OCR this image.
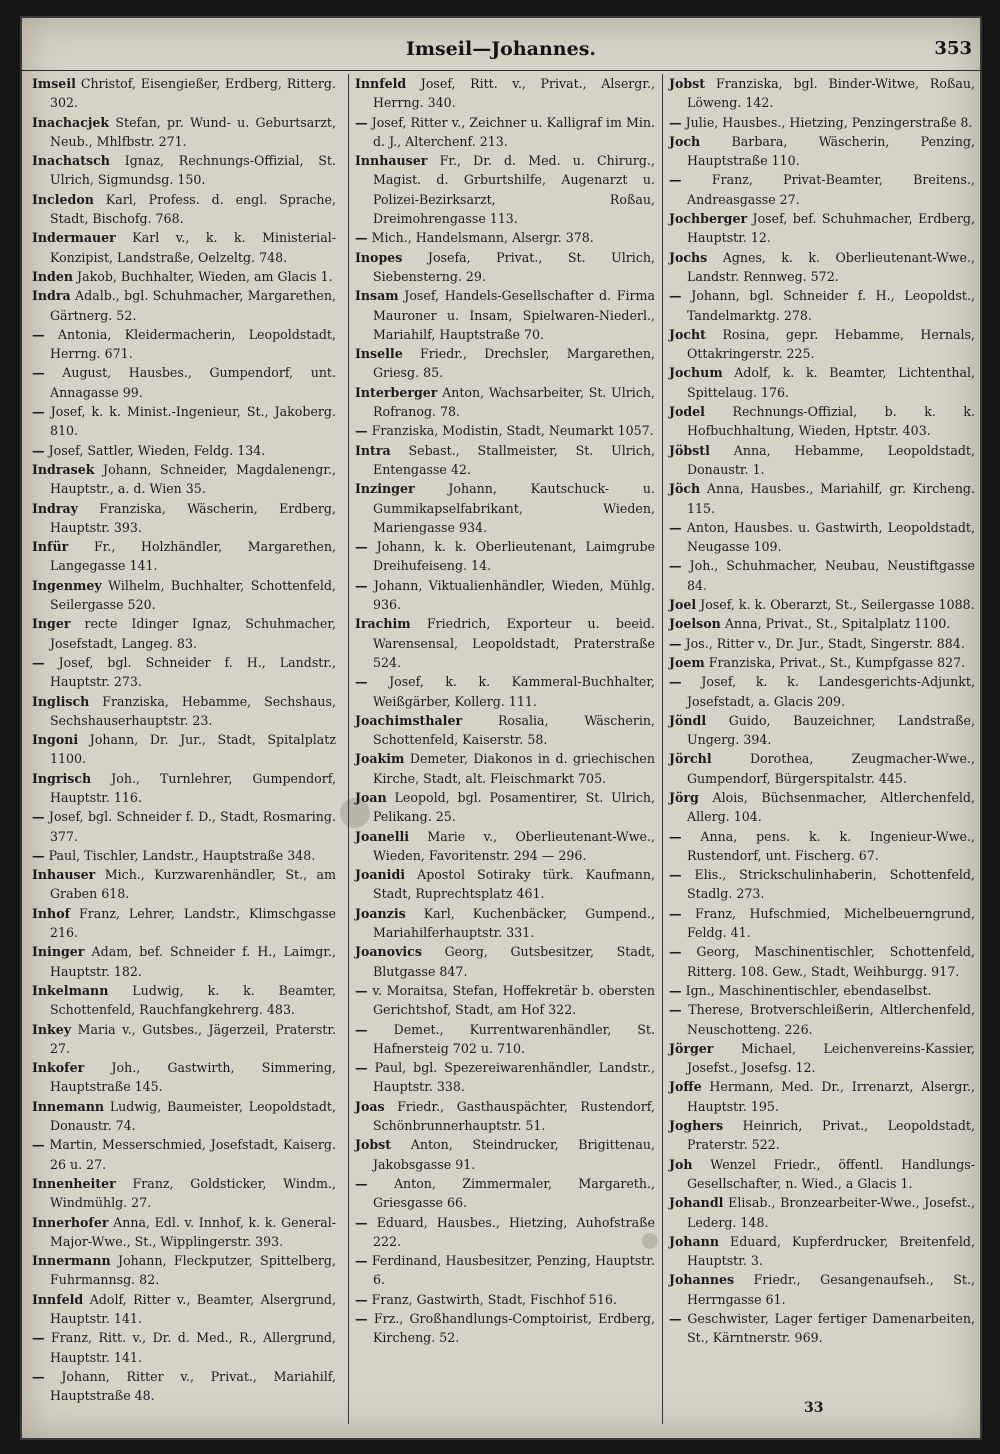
Imseil—Johannes.	353
Imseil Christof, Eisengießer, Erdberg, Ritterg. 302.
Inachacjek Stefan, pr. Wund- u. Geburtsarzt, Neub., Mhlfbstr. 271.
Inachatsch Ignaz, Rechnungs-Offizial, St. Ulrich, Sigmundsg. 150.
Incledon Karl, Profess. d. engl. Sprache, Stadt, Bischofg. 768.
Indermauer Karl v., k. k. Ministerial-Konzipist, Landstraße, Oelzeltg. 748.
Inden Jakob, Buchhalter, Wieden, am Glacis 1.
Indra Adalb., bgl. Schuhmacher, Margarethen, Gärtnerg. 52.
— Antonia, Kleidermacherin, Leopoldstadt, Herrng. 671.
— August, Hausbes., Gumpendorf, unt. Annagasse 99.
— Josef, k. k. Minist.-Ingenieur, St., Jakoberg. 810.
— Josef, Sattler, Wieden, Feldg. 134.
Indrasek Johann, Schneider, Magdalenengr., Hauptstr., a. d. Wien 35.
Indray Franziska, Wäscherin, Erdberg, Hauptstr. 393.
Infür Fr., Holzhändler, Margarethen, Langegasse 141.
Ingenmey Wilhelm, Buchhalter, Schottenfeld, Seilergasse 520.
Inger recte Idinger Ignaz, Schuhmacher, Josefstadt, Langeg. 83.
— Josef, bgl. Schneider f. H., Landstr., Hauptstr. 273.
Inglisch Franziska, Hebamme, Sechshaus, Sechshauserhauptstr. 23.
Ingoni Johann, Dr. Jur., Stadt, Spitalplatz 1100.
Ingrisch Joh., Turnlehrer, Gumpendorf, Hauptstr. 116.
— Josef, bgl. Schneider f. D., Stadt, Rosmaring. 377.
— Paul, Tischler, Landstr., Hauptstraße 348.
Inhauser Mich., Kurzwarenhändler, St., am Graben 618.
Inhof Franz, Lehrer, Landstr., Klimschgasse 216.
Ininger Adam, bef. Schneider f. H., Laimgr., Hauptstr. 182.
Inkelmann Ludwig, k. k. Beamter, Schottenfeld, Rauchfangkehrerg. 483.
Inkey Maria v., Gutsbes., Jägerzeil, Praterstr. 27.
Inkofer Joh., Gastwirth, Simmering, Hauptstraße 145.
Innemann Ludwig, Baumeister, Leopoldstadt, Donaustr. 74.
— Martin, Messerschmied, Josefstadt, Kaiserg. 26 u. 27.
Innenheiter Franz, Goldsticker, Windm., Windmühlg. 27.
Innerhofer Anna, Edl. v. Innhof, k. k. General-Major-Wwe., St., Wipplingerstr. 393.
Innermann Johann, Fleckputzer, Spittelberg, Fuhrmannsg. 82.
Innfeld Adolf, Ritter v., Beamter, Alsergrund, Hauptstr. 141.
— Franz, Ritt. v., Dr. d. Med., R., Allergrund, Hauptstr. 141.
— Johann, Ritter v., Privat., Mariahilf, Hauptstraße 48.
Innfeld Josef, Ritt. v., Privat., Alsergr., Herrng. 340.
— Josef, Ritter v., Zeichner u. Kalligraf im Min. d. J., Alterchenf. 213.
Innhauser Fr., Dr. d. Med. u. Chirurg., Magist. d. Grburtshilfe, Augenarzt u. Polizei-Bezirksarzt, Roßau, Dreimohrengasse 113.
— Mich., Handelsmann, Alsergr. 378.
Inopes Josefa, Privat., St. Ulrich, Siebensterng. 29.
Insam Josef, Handels-Gesellschafter d. Firma Mauroner u. Insam, Spielwaren-Niederl., Mariahilf, Hauptstraße 70.
Inselle Friedr., Drechsler, Margarethen, Griesg. 85.
Interberger Anton, Wachsarbeiter, St. Ulrich, Rofranog. 78.
— Franziska, Modistin, Stadt, Neumarkt 1057.
Intra Sebast., Stallmeister, St. Ulrich, Entengasse 42.
Inzinger	Johann, Kautschuck- u. Gummikapselfabrikant, Wieden, Mariengasse 934.
— Johann, k. k. Oberlieutenant, Laimgrube Dreihufeiseng. 14.
— Johann, Viktualienhändler, Wieden, Mühlg. 936.
Irachim Friedrich, Exporteur u. beeid. Warensensal, Leopoldstadt, Praterstraße 524.
— Josef, k. k. Kammeral-Buchhalter, Weißgärber, Kollerg. 111.
Joachimsthaler	Rosalia, Wäscherin, Schottenfeld, Kaiserstr. 58.
Joakim Demeter, Diakonos in d. griechischen Kirche, Stadt, alt. Fleischmarkt 705.
Joan Leopold, bgl. Posamentirer, St. Ulrich, Pelikang. 25.
Joanelli Marie v., Oberlieutenant-Wwe., Wieden, Favoritenstr. 294 — 296.
Joanidi Apostol Sotiraky türk. Kaufmann, Stadt, Ruprechtsplatz 461.
Joanzis Karl, Kuchenbäcker, Gumpend., Mariahilferhauptstr. 331.
Joanovics Georg, Gutsbesitzer, Stadt, Blutgasse 847.
— v. Moraitsa, Stefan, Hoffekretär b. obersten Gerichtshof, Stadt, am Hof 322.
— Demet., Kurrentwarenhändler, St. Hafnersteig 702 u. 710.
— Paul, bgl. Spezereiwarenhändler, Landstr., Hauptstr. 338.
Joas Friedr., Gasthauspächter, Rustendorf, Schönbrunnerhauptstr. 51.
Jobst Anton, Steindrucker, Brigittenau, Jakobsgasse 91.
— Anton, Zimmermaler, Margareth., Griesgasse 66.
— Eduard, Hausbes., Hietzing, Auhofstraße 222.
— Ferdinand, Hausbesitzer, Penzing, Hauptstr. 6.
— Franz, Gastwirth, Stadt, Fischhof 516.
— Frz., Großhandlungs-Comptoirist, Erdberg, Kircheng. 52.
Jobst Franziska, bgl. Binder-Witwe, Roßau, Löweng. 142.
— Julie, Hausbes., Hietzing, Penzingerstraße 8.
Joch Barbara, Wäscherin, Penzing, Hauptstraße 110.
— Franz, Privat-Beamter, Breitens., Andreasgasse 27.
Jochberger Josef, bef. Schuhmacher, Erdberg, Hauptstr. 12.
Jochs Agnes, k. k. Oberlieutenant-Wwe., Landstr. Rennweg. 572.
— Johann, bgl. Schneider f. H., Leopoldst., Tandelmarktg. 278.
Jocht Rosina, gepr. Hebamme, Hernals, Ottakringerstr. 225.
Jochum Adolf, k. k. Beamter, Lichtenthal, Spittelaug. 176.
Jodel Rechnungs-Offizial, b. k. k. Hofbuchhaltung, Wieden, Hptstr. 403.
Jöbstl Anna, Hebamme, Leopoldstadt, Donaustr. 1.
Jöch Anna, Hausbes., Mariahilf, gr. Kircheng. 115.
— Anton, Hausbes. u. Gastwirth, Leopoldstadt, Neugasse 109.
— Joh., Schuhmacher, Neubau, Neustiftgasse 84.
Joel Josef, k. k. Oberarzt, St., Seilergasse 1088.
Joelson Anna, Privat., St., Spitalplatz 1100.
— Jos., Ritter v., Dr. Jur., Stadt, Singerstr. 884.
Joem Franziska, Privat., St., Kumpfgasse 827.
— Josef, k. k. Landesgerichts-Adjunkt, Josefstadt, a. Glacis 209.
Jöndl Guido, Bauzeichner, Landstraße, Ungerg. 394.
Jörchl	Dorothea, Zeugmacher-Wwe., Gumpendorf, Bürgerspitalstr. 445.
Jörg Alois, Büchsenmacher, Altlerchenfeld, Allerg. 104.
— Anna, pens. k. k. Ingenieur-Wwe., Rustendorf, unt. Fischerg. 67.
— Elis., Strickschulinhaberin, Schottenfeld, Stadlg. 273.
— Franz, Hufschmied, Michelbeuerngrund, Feldg. 41.
— Georg, Maschinentischler, Schottenfeld, Ritterg. 108. Gew., Stadt, Weihburgg. 917.
— Ign., Maschinentischler, ebendaselbst.
— Therese, Brotverschleißerin, Altlerchenfeld, Neuschotteng. 226.
Jörger Michael, Leichenvereins-Kassier, Josefst., Josefsg. 12.
Joffe Hermann, Med. Dr., Irrenarzt, Alsergr., Hauptstr. 195.
Joghers Heinrich, Privat., Leopoldstadt, Praterstr. 522.
Joh Wenzel Friedr., öffentl. Handlungs-Gesellschafter, n. Wied., a Glacis 1.
Johandl Elisab., Bronzearbeiter-Wwe., Josefst., Lederg. 148.
Johann Eduard, Kupferdrucker, Breitenfeld, Hauptstr. 3.
Johannes Friedr., Gesangenaufseh., St., Herrngasse 61.
— Geschwister, Lager fertiger Damenarbeiten, St., Kärntnerstr. 969.
33
